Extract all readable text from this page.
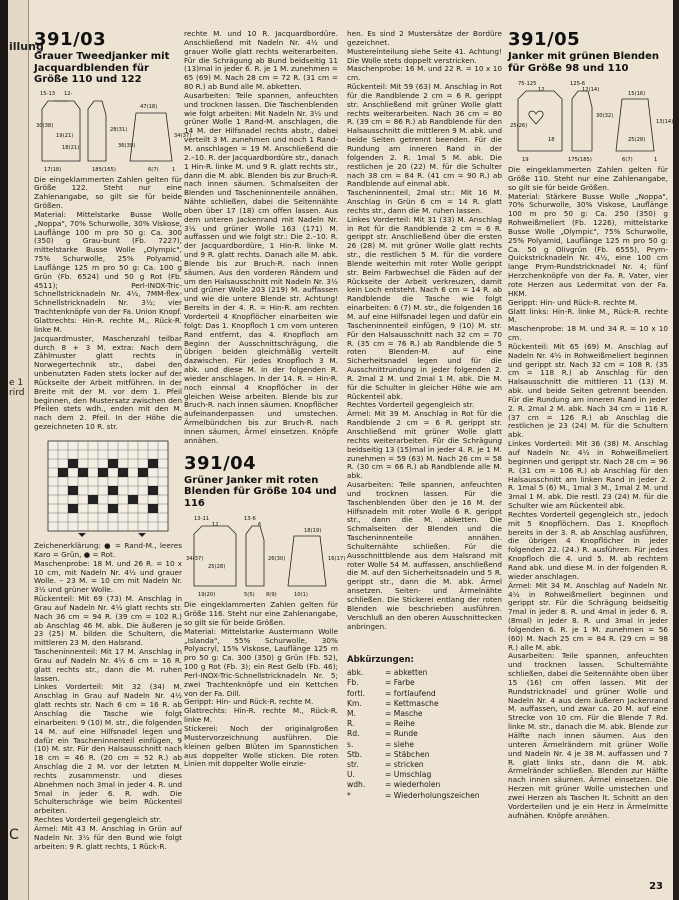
illung
e 1
rird
C
391/03
Grauer Tweedjanker mit Jacquardblenden für Größe 110 und 122
15-13 12-
47(18)
30(38)
19(21)
28(31)
18(21)
34(37)
36(39)
17(18)	185(165)	6(7)	1

Die eingeklammerten Zahlen gelten für Größe 122. Steht nur eine Zahlenangabe, so gilt sie für beide Größen.

Material: Mittelstarke Busse Wolle „Noppa", 70% Schurwolle, 30% Viskose, Lauflänge 100 m pro 50 g: Ca. 300 (350) g Grau-bunt (Fb. 7227), mittelstarke Busse Wolle „Olympic", 75% Schurwolle, 25% Polyamid, Lauflänge 125 m pro 50 g: Ca. 100 g Grün (Fb. 6524) und 50 g Rot (Fb. 4511); Perl-INOX-Tric-Schnellstricknadeln Nr. 4½, 7MM-flex-Schnellstricknadeln Nr. 3½; vier Trachtenknöpfe von der Fa. Union Knopf.

Glattrechts: Hin-R. rechte M., Rück-R. linke M.

Jacquardmuster, Maschenzahl teilbar durch 8 + 3 M. extra: Nach dem Zählmuster glatt rechts in Norwegertechnik str., dabei den unbenutzten Faden stets locker auf der Rückseite der Arbeit mitführen. In der Breite mit der M. vor dem 1. Pfeil beginnen, den Mustersatz zwischen den Pfeilen stets wdh., enden mit den M. nach dem 2. Pfeil. In der Höhe die gezeichneten 10 R. str.

Zeichenerklärung: ● = Rand-M., leeres Karo = Grün, ● = Rot.

Maschenprobe: 18 M. und 26 R. = 10 x 10 cm, mit Nadeln Nr. 4½ und grauer Wolle. – 23 M. = 10 cm mit Nadeln Nr. 3½ und grüner Wolle.

Rückenteil: Mit 69 (73) M. Anschlag in Grau auf Nadeln Nr. 4½ glatt rechts str. Nach 36 cm = 94 R. (39 cm = 102 R.) ab Anschlag 46 M. abk. Die äußeren je 23 (25) M. bilden die Schultern, die mittleren 23 M. den Halsrand.

Tascheninnenteil: Mit 17 M. Anschlag in Grau auf Nadeln Nr. 4½ 6 cm = 16 R. glatt rechts str., dann die M. ruhen lassen.

Linkes Vorderteil: Mit 32 (34) M. Anschlag in Grau auf Nadeln Nr. 4½ glatt rechts str. Nach 6 cm = 16 R. ab Anschlag die Tasche wie folgt einarbeiten: 9 (10) M. str., die folgenden 14 M. auf eine Hilfsnadel legen und dafür ein Tascheninnenteil einfügen, 9 (10) M. str. Für den Halsausschnitt nach 18 cm = 46 R. (20 cm = 52 R.) ab Anschlag die 2 M. vor der letzten M. rechts zusammenstr. und dieses Abnehmen noch 3mal in jeder 4. R. und 5mal in jeder 6. R. wdh. Die Schulterschräge wie beim Rückenteil arbeiten.

Rechtes Vorderteil gegengleich str.

Ärmel: Mit 43 M. Anschlag in Grün auf Nadeln Nr. 3½ für den Bund wie folgt arbeiten: 9 R. glatt rechts, 1 Rück-R.

rechte M. und 10 R. Jacquardbordüre. Anschließend mit Nadeln Nr. 4½ und grauer Wolle glatt rechts weiterarbeiten. Für die Schrägung ab Bund beidseitig 11 (13)mal in jeder 6. R. je 1 M. zunehmen = 65 (69) M. Nach 28 cm = 72 R. (31 cm = 80 R.) ab Bund alle M. abketten.

Ausarbeiten: Teile spannen, anfeuchten und trocknen lassen. Die Taschenblenden wie folgt arbeiten: Mit Nadeln Nr. 3½ und grüner Wolle 1 Rand-M. anschlagen, die 14 M. der Hilfsnadel rechts abstr., dabei verteilt 3 M. zunehmen und noch 1 Rand-M. anschlagen = 19 M. Anschließend die 2.–10. R. der Jacquardbordüre str., danach 1 Hin-R. linke M. und 9 R. glatt rechts str., dann die M. abk. Blenden bis zur Bruch-R. nach innen säumen. Schmalseiten der Blenden und Tascheninnenteile annähen. Nähte schließen, dabei die Seitennähte oben über 17 (18) cm offen lassen. Aus dem unteren Jackenrand mit Nadeln Nr. 3½ und grüner Wolle 163 (171) M. auffassen und wie folgt str.: Die 2.–10. R. der Jacquardbordüre, 1 Hin-R. linke M. und 9 R. glatt rechts. Danach alle M. abk. Blende bis zur Bruch-R. nach innen säumen. Aus den vorderen Rändern und um den Halsausschnitt mit Nadeln Nr. 3½ und grüner Wolle 203 (219) M. auffassen und wie die untere Blende str. Achtung! Bereits in der 4. R. = Hin-R. am rechten Vorderteil 4 Knopflöcher einarbeiten wie folgt: Das 1. Knopfloch 1 cm vom unteren Rand entfernt, das 4. Knopfloch am Beginn der Ausschnittschrägung, die übrigen beiden gleichmäßig verteilt dazwischen. Für jedes Knopfloch 3 M. abk. und diese M. in der folgenden R. wieder anschlagen. In der 14. R. = Hin-R. noch einmal 4 Knopflöcher in der gleichen Weise arbeiten. Blende bis zur Bruch-R. nach innen säumen. Knopflöcher aufeinanderpassen und umstechen. Ärmelbündchen bis zur Bruch-R. nach innen säumen, Ärmel einsetzen. Knöpfe annähen.

391/04
Grüner Janker mit roten Blenden für Größe 104 und 116
13-11
12
13-6
6
18(19)
34(37)
25(28)
19(20)	5(5) 8(9)	10(1)
26(30)	16(17)

Die eingeklammerten Zahlen gelten für Größe 116. Steht nur eine Zahlenangabe, so gilt sie für beide Größen.

Material: Mittelstarke Austermann Wolle „Islanda", 55% Schurwolle, 30% Polyacryl, 15% Viskose, Lauflänge 125 m pro 50 g: Ca. 300 (350) g Grün (Fb. 52), 100 g Rot (Fb. 3); ein Rest Gelb (Fb. 46); Perl-INOX-Tric-Schnellstricknadeln Nr. 5; zwei Trachtenknöpfe und ein Kettchen von der Fa. Dill.

Gerippt: Hin- und Rück-R. rechte M.

Glattrechts: Hin-R. rechte M., Rück-R. linke M.

Stickerei: Noch der originalgroßen Mustervorzeichnung ausführen. Die kleinen gelben Blüten im Spannstichen aus doppelter Wolle sticken. Die roten Linien mit doppelter Wolle einzie-

hen. Es sind 2 Mustersätze der Bordüre gezeichnet.

Mustereinteilung siehe Seite 41. Achtung! Die Wolle stets doppelt verstricken.

Maschenprobe: 16 M. und 22 R. = 10 x 10 cm.

Rückenteil: Mit 59 (63) M. Anschlag in Rot für die Randblende 2 cm = 6 R. gerippt str. Anschließend mit grüner Wolle glatt rechts weiterarbeiten. Nach 36 cm = 80 R. (39 cm = 86 R.) ab Randblende für den Halsausschnitt die mittleren 9 M. abk. und beide Seiten getrennt beenden. Für die Rundung am inneren Rand in der folgenden 2. R. 1mal 5 M. abk. Die restlichen je 20 (22) M. für die Schulter nach 38 cm = 84 R. (41 cm = 90 R.) ab Randblende auf einmal abk.

Tascheninnenteil, 2mal str.: Mit 16 M. Anschlag in Grün 6 cm = 14 R. glatt rechts str., dann die M. ruhen lassen.

Linkes Vorderteil: Mit 31 (33) M. Anschlag in Rot für die Randblende 2 cm = 6 R. gerippt str. Anschließend über die ersten 26 (28) M. mit grüner Wolle glatt rechts str., die restlichen 5 M. für die vordere Blende weiterhin mit roter Wolle gerippt str. Beim Farbwechsel die Fäden auf der Rückseite der Arbeit verkreuzen, damit kein Loch entsteht. Nach 6 cm = 14 R. ab Randblende die Tasche wie folgt einarbeiten: 6 (7) M. str., die folgenden 16 M. auf eine Hilfsnadel legen und dafür ein Tascheninnenteil einfügen, 9 (10) M. str. Für den Halsausschnitt nach 32 cm = 70 R. (35 cm = 76 R.) ab Randblende die 5 roten Blenden-M. auf eine Sicherheitsnadel legen und für die Ausschnittrundung in jeder folgenden 2. R. 2mal 2 M. und 2mal 1 M. abk. Die M. für die Schulter in gleicher Höhe wie am Rückenteil abk.

Rechtes Vorderteil gegengleich str.

Ärmel: Mit 39 M. Anschlag in Rot für die Randblende 2 cm = 6 R. gerippt str. Anschließend mit grüner Wolle glatt rechts weiterarbeiten. Für die Schrägung beidseitig 13 (15)mal in jeder 4. R. je 1 M. zunehmen = 59 (63) M. Nach 26 cm = 58 R. (30 cm = 66 R.) ab Randblende alle M. abk.

Ausarbeiten: Teile spannen, anfeuchten und trocknen lassen. Für die Taschenblenden über den je 16 M. der Hilfsnadeln mit roter Wolle 6 R. gerippt str., dann die M. abketten. Die Schmalseiten der Blenden und die Tascheninnenteile annähen. Schulternähte schließen. Für die Ausschnittblende aus dem Halsrand mit roter Wolle 54 M. auffassen, anschließend die M. auf den Sicherheitsnadeln und 5 R. gerippt str., dann die M. abk. Ärmel ansetzen. Seiten- und Ärmelnähte schließen. Die Stickerei entlang der roten Blenden wie beschrieben ausführen. Verschluß an den oberen Ausschnittecken anbringen.

Abkürzungen:
abk.	= abketten
Fb.	= Farbe
fortl.	= fortlaufend
Km.	= Kettmasche
M.	= Masche
R.	= Reihe
Rd.	= Runde
s.	= siehe
Stb.	= Stäbchen
str.	= stricken
U.	= Umschlag
wdh.	= wiederholen
*	= Wiederholungszeichen
391/05
Janker mit grünen Blenden für Größe 98 und 110
75-125
12
125-6
12(14)
15(16)
25(26)
30(32)
13(14)
18
19
25(28)
175(185)	6(7)	1

Die eingeklammerten Zahlen gelten für Größe 110. Steht nur eine Zahlenangabe, so gilt sie für beide Größen.

Material: Stärkere Busse Wolle „Noppa", 70% Schurwolle, 30% Viskose, Lauflänge 100 m pro 50 g: Ca. 250 (350) g Rohweißmeliert (Fb. 1226), mittelstarke Busse Wolle „Olympic", 75% Schurwolle, 25% Polyamid, Lauflänge 125 m pro 50 g: Ca. 50 g Olivgrün (Fb. 6555), Prym-Quickstricknadeln Nr. 4½, eine 100 cm lange Prym-Rundstricknadel Nr. 4; fünf Herzchenknöpfe von der Fa. R. Vater, vier rote Herzen aus Ledermitat von der Fa. HKM.

Gerippt: Hin- und Rück-R. rechte M.

Glatt links: Hin-R. linke M., Rück-R. rechte M.

Maschenprobe: 18 M. und 34 R. = 10 x 10 cm.

Rückenteil: Mit 65 (69) M. Anschlag auf Nadeln Nr. 4½ in Rohweißmeliert beginnen und gerippt str. Nach 32 cm = 108 R. (35 cm = 118 R.) ab Anschlag für den Halsausschnitt die mittleren 11 (13) M. abk. und beide Seiten getrennt beenden. Für die Rundung am inneren Rand in jeder 2. R. 2mal 2 M. abk. Nach 34 cm = 116 R. (37 cm = 126 R.) ab Anschlag die restlichen je 23 (24) M. für die Schultern abk.

Linkes Vorderteil: Mit 36 (38) M. Anschlag auf Nadeln Nr. 4½ in Rohweißmeliert beginnen und gerippt str. Nach 28 cm = 96 R. (31 cm = 106 R.) ab Anschlag für den Halsausschnitt am linken Rand in jeder 2. R. 1mal 5 (6) M., 1mal 3 M., 1mal 2 M. und 3mal 1 M. abk. Die restl. 23 (24) M. für die Schulter wie am Rückenteil abk.

Rechtes Vorderteil gegengleich str., jedoch mit 5 Knopflöchern. Das 1. Knopfloch bereits in der 3. R. ab Anschlag ausführen, die übrigen 4 Knopflöcher in jeder folgenden 22. (24.) R. ausführen. Für jedes Knopfloch die 4. und 5. M. ab rechtem Rand abk. und diese M. in der folgenden R. wieder anschlagen.

Ärmel: Mit 34 M. Anschlag auf Nadeln Nr. 4½ in Rohweißmeliert beginnen und gerippt str. Für die Schrägung beidseitig 7mal in jeder 8. R. und 4mal in jeder 6. R. (8mal) in jeder 8. R. und 3mal in jeder folgenden 6. R. je 1 M. zunehmen = 56 (60) M. Nach 25 cm = 84 R. (29 cm = 98 R.) alle M. abk.

Ausarbeiten: Teile spannen, anfeuchten und trocknen lassen. Schulternähte schließen, dabei die Seitennähte oben über 15 (16) cm offen lassen. Mit der Rundstricknadel und grüner Wolle und Nadeln Nr. 4 aus dem äußeren Jackenrand M. auffassen, und zwar ca. 20 M. auf eine Strecke von 10 cm. Für die Blende 7 Rd. linke M. str., danach die M. abk. Blende zur Hälfte nach innen säumen. Aus den unteren Ärmelrändern mit grüner Wolle und Nadeln Nr. 4 je 38 M. auffassen und 7 R. glatt links str., dann die M. abk. Ärmelränder schließen. Blenden zur Hälfte nach innen säumen. Ärmel einsetzen. Die Herzen mit grüner Wolle umstechen und zwei Herzen als Taschen lt. Schnitt an den Vorderteilen und je ein Herz in Ärmelmitte aufnähen. Knöpfe annähen.

23
